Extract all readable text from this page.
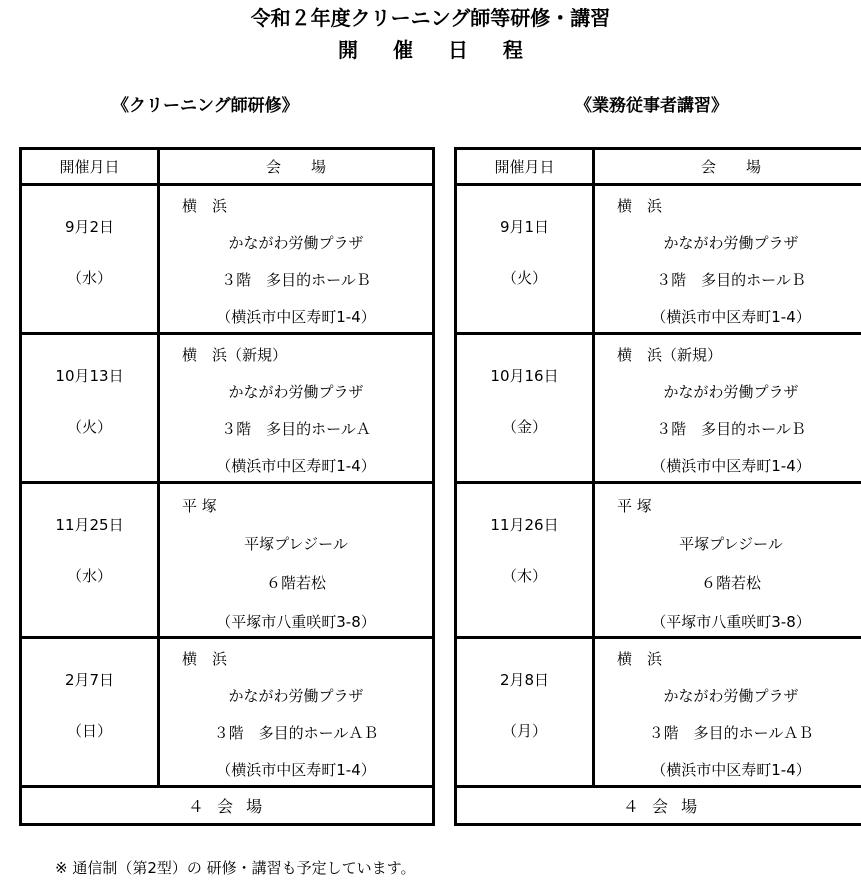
令和２年度クリーニング師等研修・講習
開 催 日 程
《クリーニング師研修》	《業務従事者講習》
開催月日	会　　場

9月2日
（水）	横　浜
かながわ労働プラザ
３階　多目的ホールＢ
（横浜市中区寿町1-4）

10月13日
（火）	横　浜（新規）
かながわ労働プラザ
３階　多目的ホールＡ
（横浜市中区寿町1-4）

11月25日
（水）	平 塚
平塚プレジール
６階若松
（平塚市八重咲町3-8）

2月7日
（日）	横　浜
かながわ労働プラザ
３階　多目的ホールＡＢ
（横浜市中区寿町1-4）

４ 会 場	
開催月日	会　　場

9月1日
（火）	横　浜
かながわ労働プラザ
３階　多目的ホールＢ
（横浜市中区寿町1-4）

10月16日
（金）	横　浜（新規）
かながわ労働プラザ
３階　多目的ホールＢ
（横浜市中区寿町1-4）

11月26日
（木）	平 塚
平塚プレジール
６階若松
（平塚市八重咲町3-8）

2月8日
（月）	横　浜
かながわ労働プラザ
３階　多目的ホールＡＢ
（横浜市中区寿町1-4）

４ 会 場	
※ 通信制（第2型）の 研修・講習も予定しています。
